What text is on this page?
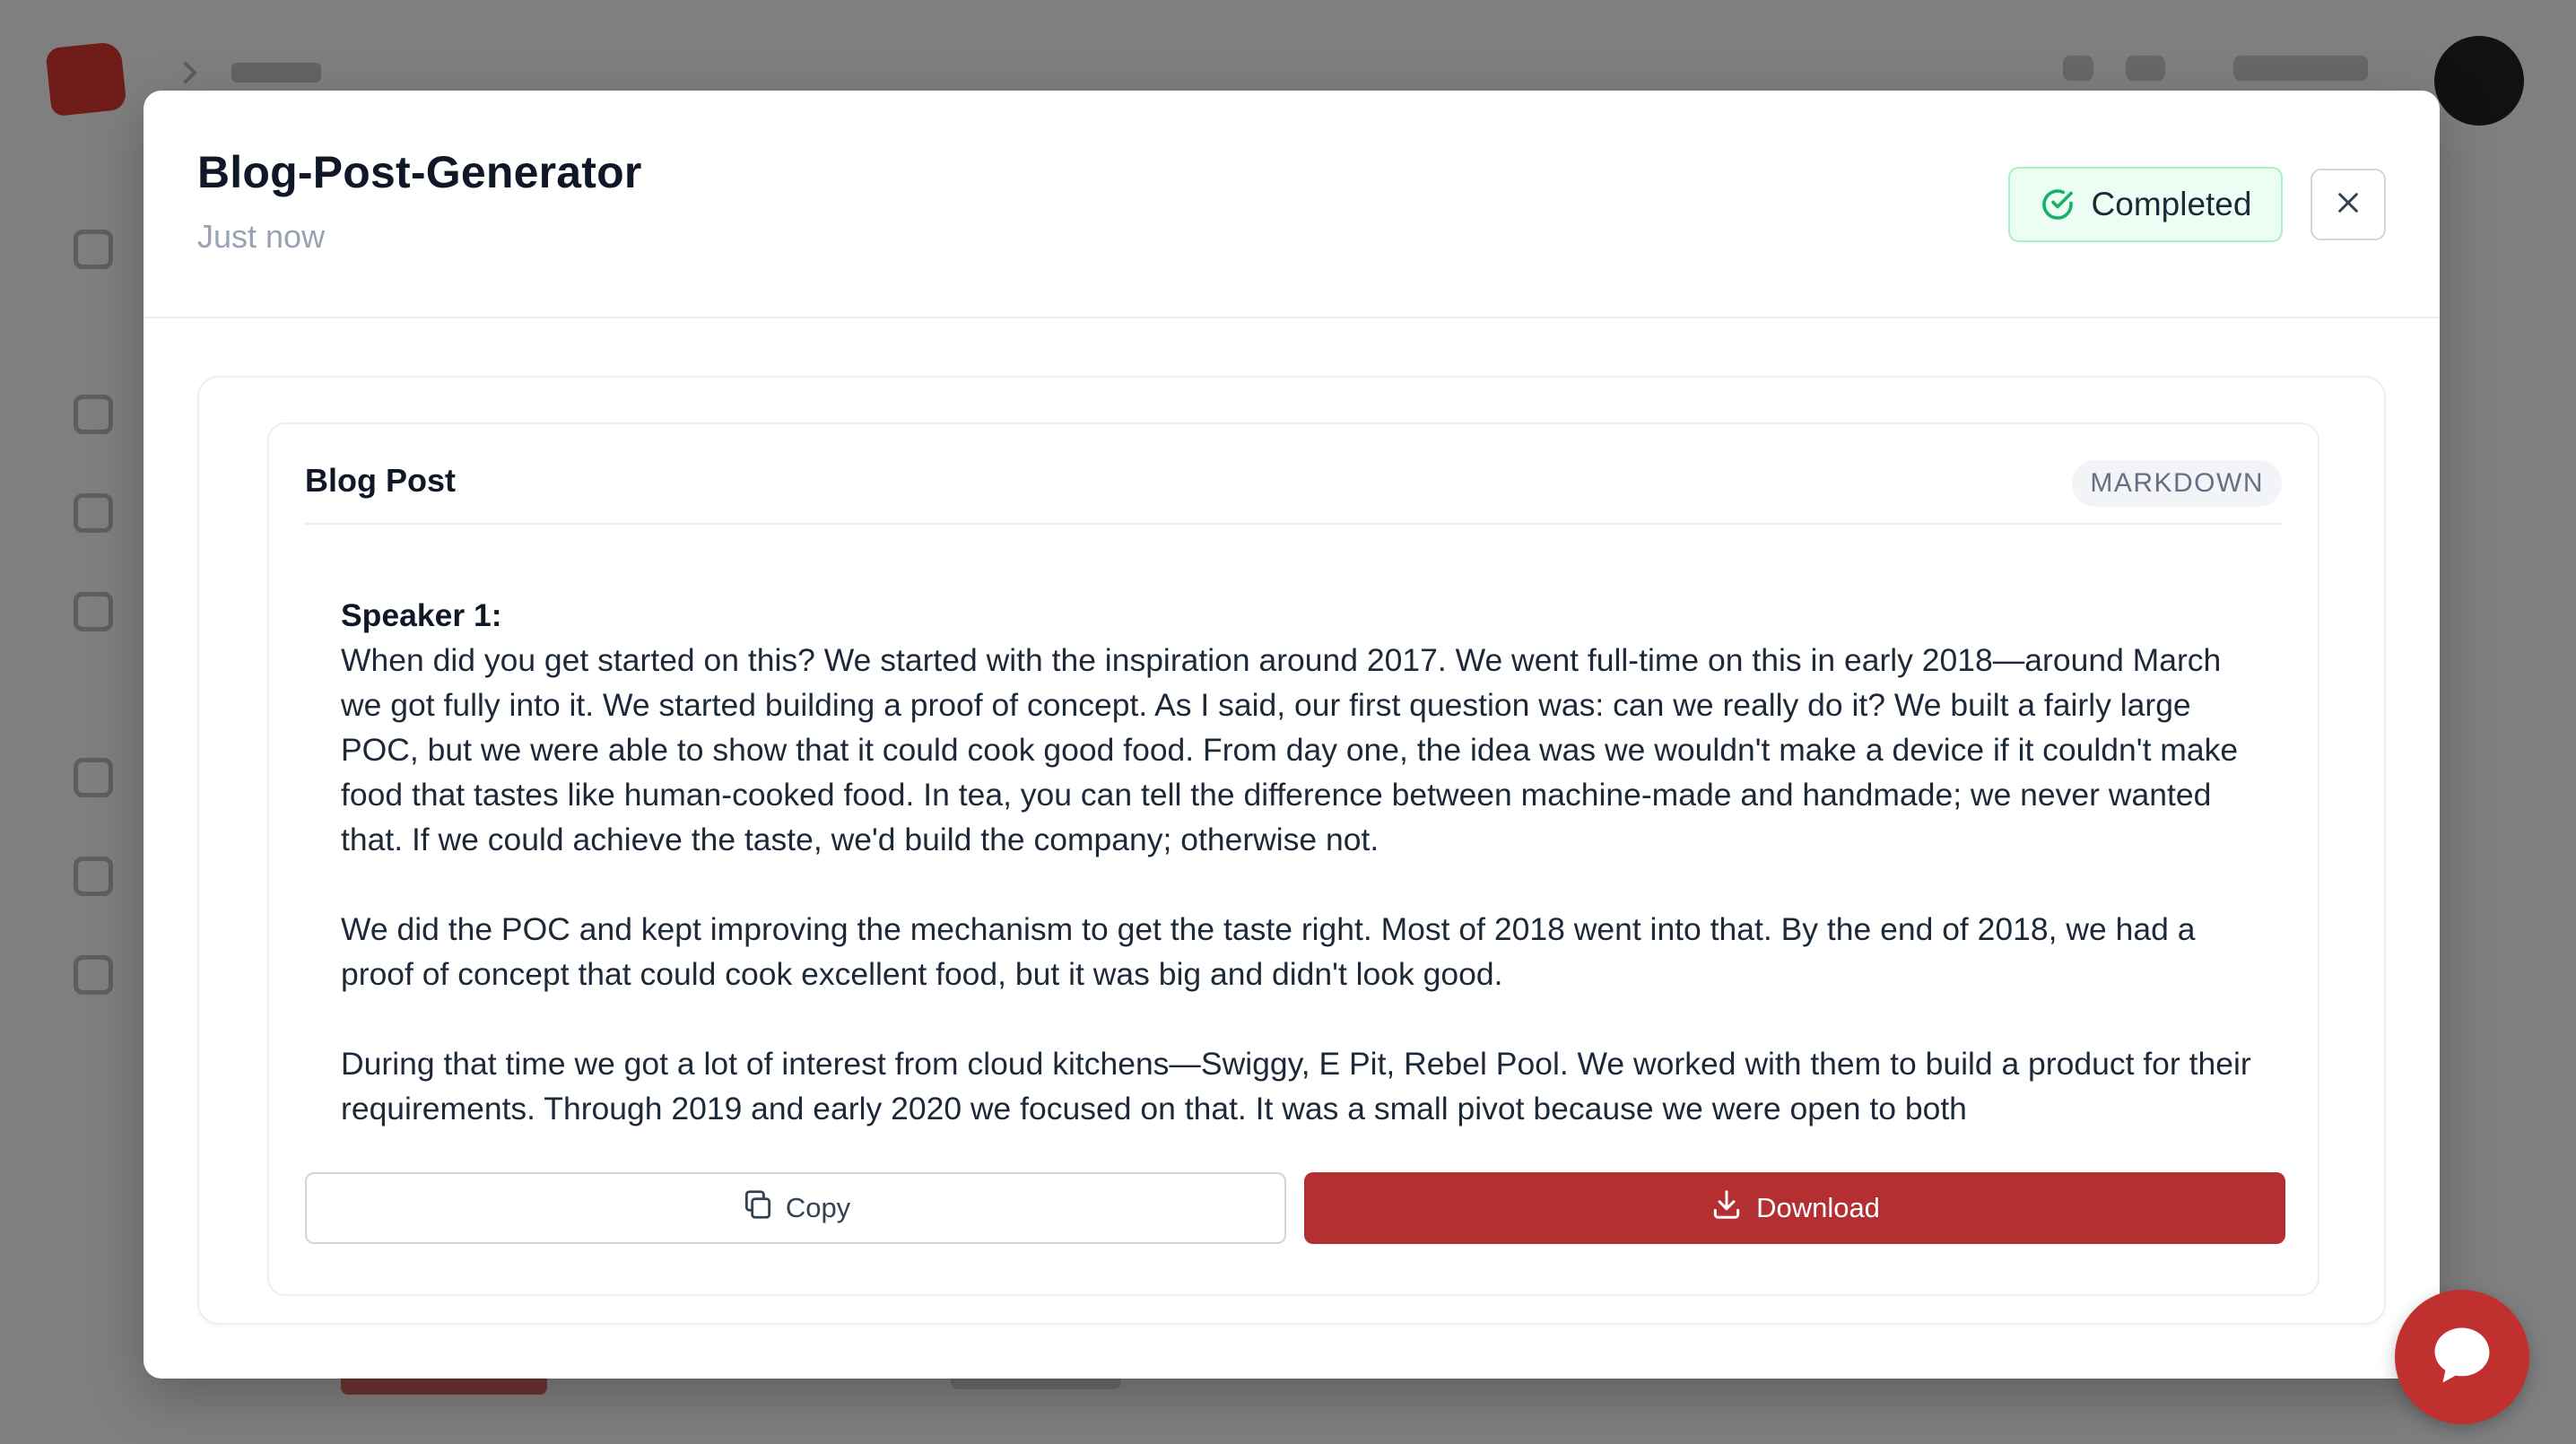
Blog-Post-Generator
Just now
Completed
Blog Post	MARKDOWN
Speaker 1:

When did you get started on this? We started with the inspiration around 2017. We went full-time on this in early 2018—around March we got fully into it. We started building a proof of concept. As I said, our first question was: can we really do it? We built a fairly large POC, but we were able to show that it could cook good food. From day one, the idea was we wouldn't make a device if it couldn't make food that tastes like human-cooked food. In tea, you can tell the difference between machine-made and handmade; we never wanted that. If we could achieve the taste, we'd build the company; otherwise not.

We did the POC and kept improving the mechanism to get the taste right. Most of 2018 went into that. By the end of 2018, we had a proof of concept that could cook excellent food, but it was big and didn't look good.

During that time we got a lot of interest from cloud kitchens—Swiggy, E Pit, Rebel Pool. We worked with them to build a product for their requirements. Through 2019 and early 2020 we focused on that. It was a small pivot because we were open to both

Copy	Download
